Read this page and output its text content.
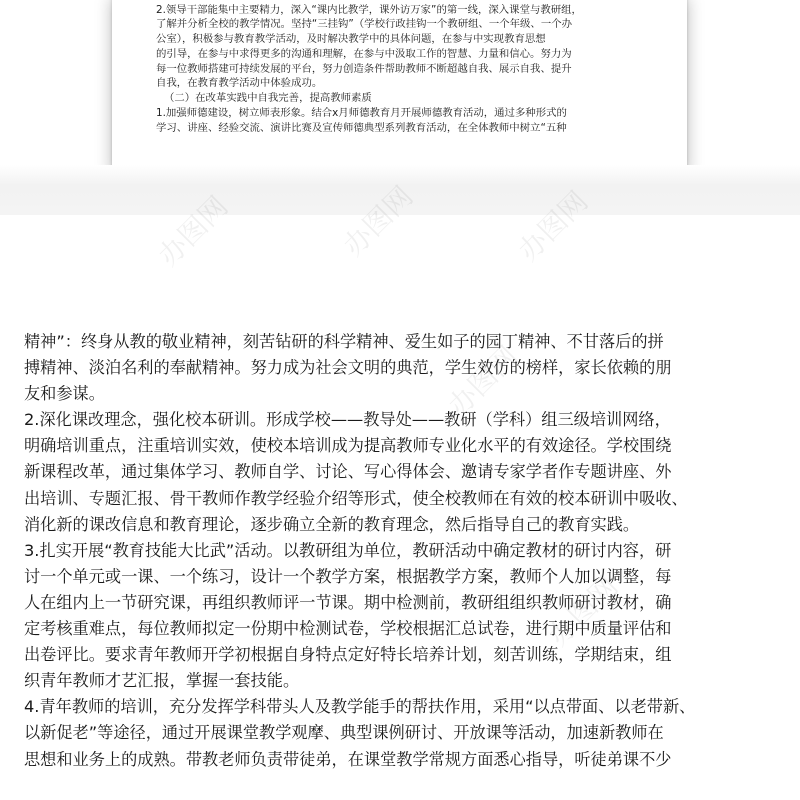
2.领导干部能集中主要精力，深入“课内比教学，课外访万家”的第一线，深入课堂与教研组，
了解并分析全校的教学情况。坚持“三挂钩”（学校行政挂钩一个教研组、一个年级、一个办
公室），积极参与教育教学活动，及时解决教学中的具体问题，在参与中实现教育思想
的引导，在参与中求得更多的沟通和理解，在参与中汲取工作的智慧、力量和信心。努力为
每一位教师搭建可持续发展的平台，努力创造条件帮助教师不断超越自我、展示自我、提升
自我，在教育教学活动中体验成功。
（二）在改革实践中自我完善，提高教师素质
1.加强师德建设，树立师表形象。结合x月师德教育月开展师德教育活动，通过多种形式的
学习、讲座、经验交流、演讲比赛及宣传师德典型系列教育活动，在全体教师中树立“五种
办图网	办图网	办图网
办图网
办图网
精神”：终身从教的敬业精神，刻苦钻研的科学精神、爱生如子的园丁精神、不甘落后的拼
搏精神、淡泊名利的奉献精神。努力成为社会文明的典范，学生效仿的榜样，家长依赖的朋
友和参谋。
2.深化课改理念，强化校本研训。形成学校——教导处——教研（学科）组三级培训网络，
明确培训重点，注重培训实效，使校本培训成为提高教师专业化水平的有效途径。学校围绕
新课程改革，通过集体学习、教师自学、讨论、写心得体会、邀请专家学者作专题讲座、外
出培训、专题汇报、骨干教师作教学经验介绍等形式，使全校教师在有效的校本研训中吸收、
消化新的课改信息和教育理论，逐步确立全新的教育理念，然后指导自己的教育实践。
3.扎实开展“教育技能大比武”活动。以教研组为单位，教研活动中确定教材的研讨内容，研
讨一个单元或一课、一个练习，设计一个教学方案，根据教学方案，教师个人加以调整，每
人在组内上一节研究课，再组织教师评一节课。期中检测前，教研组组织教师研讨教材，确
定考核重难点，每位教师拟定一份期中检测试卷，学校根据汇总试卷，进行期中质量评估和
出卷评比。要求青年教师开学初根据自身特点定好特长培养计划，刻苦训练，学期结束，组
织青年教师才艺汇报，掌握一套技能。
4.青年教师的培训，充分发挥学科带头人及教学能手的帮扶作用，采用“以点带面、以老带新、
以新促老”等途径，通过开展课堂教学观摩、典型课例研讨、开放课等活动，加速新教师在
思想和业务上的成熟。带教老师负责带徒弟，在课堂教学常规方面悉心指导，听徒弟课不少
